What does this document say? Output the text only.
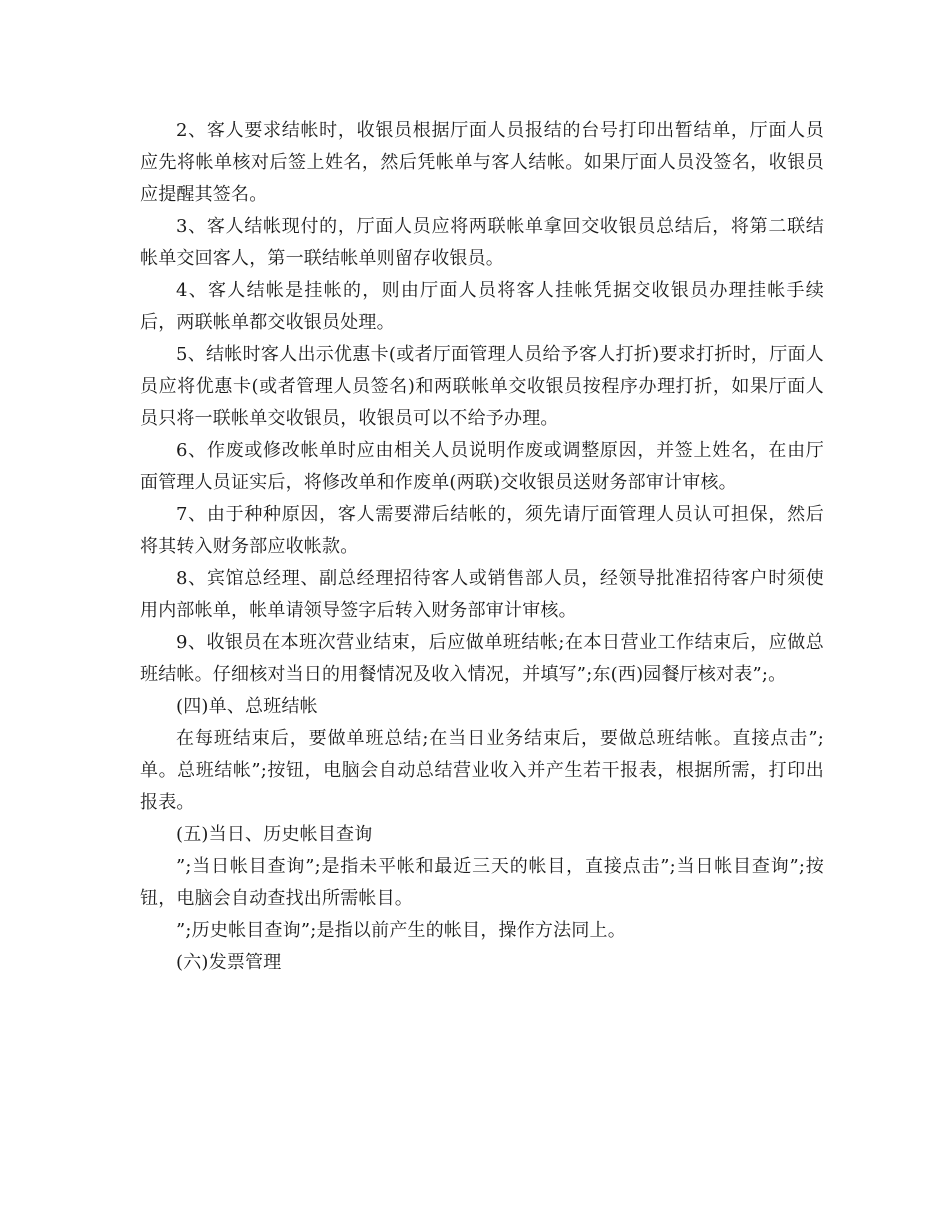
2、客人要求结帐时，收银员根据厅面人员报结的台号打印出暂结单，厅面人员应先将帐单核对后签上姓名，然后凭帐单与客人结帐。如果厅面人员没签名，收银员应提醒其签名。

3、客人结帐现付的，厅面人员应将两联帐单拿回交收银员总结后，将第二联结帐单交回客人，第一联结帐单则留存收银员。

4、客人结帐是挂帐的，则由厅面人员将客人挂帐凭据交收银员办理挂帐手续后，两联帐单都交收银员处理。

5、结帐时客人出示优惠卡(或者厅面管理人员给予客人打折)要求打折时，厅面人员应将优惠卡(或者管理人员签名)和两联帐单交收银员按程序办理打折，如果厅面人员只将一联帐单交收银员，收银员可以不给予办理。

6、作废或修改帐单时应由相关人员说明作废或调整原因，并签上姓名，在由厅面管理人员证实后，将修改单和作废单(两联)交收银员送财务部审计审核。

7、由于种种原因，客人需要滞后结帐的，须先请厅面管理人员认可担保，然后将其转入财务部应收帐款。

8、宾馆总经理、副总经理招待客人或销售部人员，经领导批准招待客户时须使用内部帐单，帐单请领导签字后转入财务部审计审核。

9、收银员在本班次营业结束，后应做单班结帐;在本日营业工作结束后，应做总班结帐。仔细核对当日的用餐情况及收入情况，并填写”;东(西)园餐厅核对表”;。

(四)单、总班结帐

在每班结束后，要做单班总结;在当日业务结束后，要做总班结帐。直接点击”;单。总班结帐”;按钮，电脑会自动总结营业收入并产生若干报表，根据所需，打印出报表。

(五)当日、历史帐目查询

”;当日帐目查询”;是指未平帐和最近三天的帐目，直接点击”;当日帐目查询”;按钮，电脑会自动查找出所需帐目。

”;历史帐目查询”;是指以前产生的帐目，操作方法同上。

(六)发票管理
